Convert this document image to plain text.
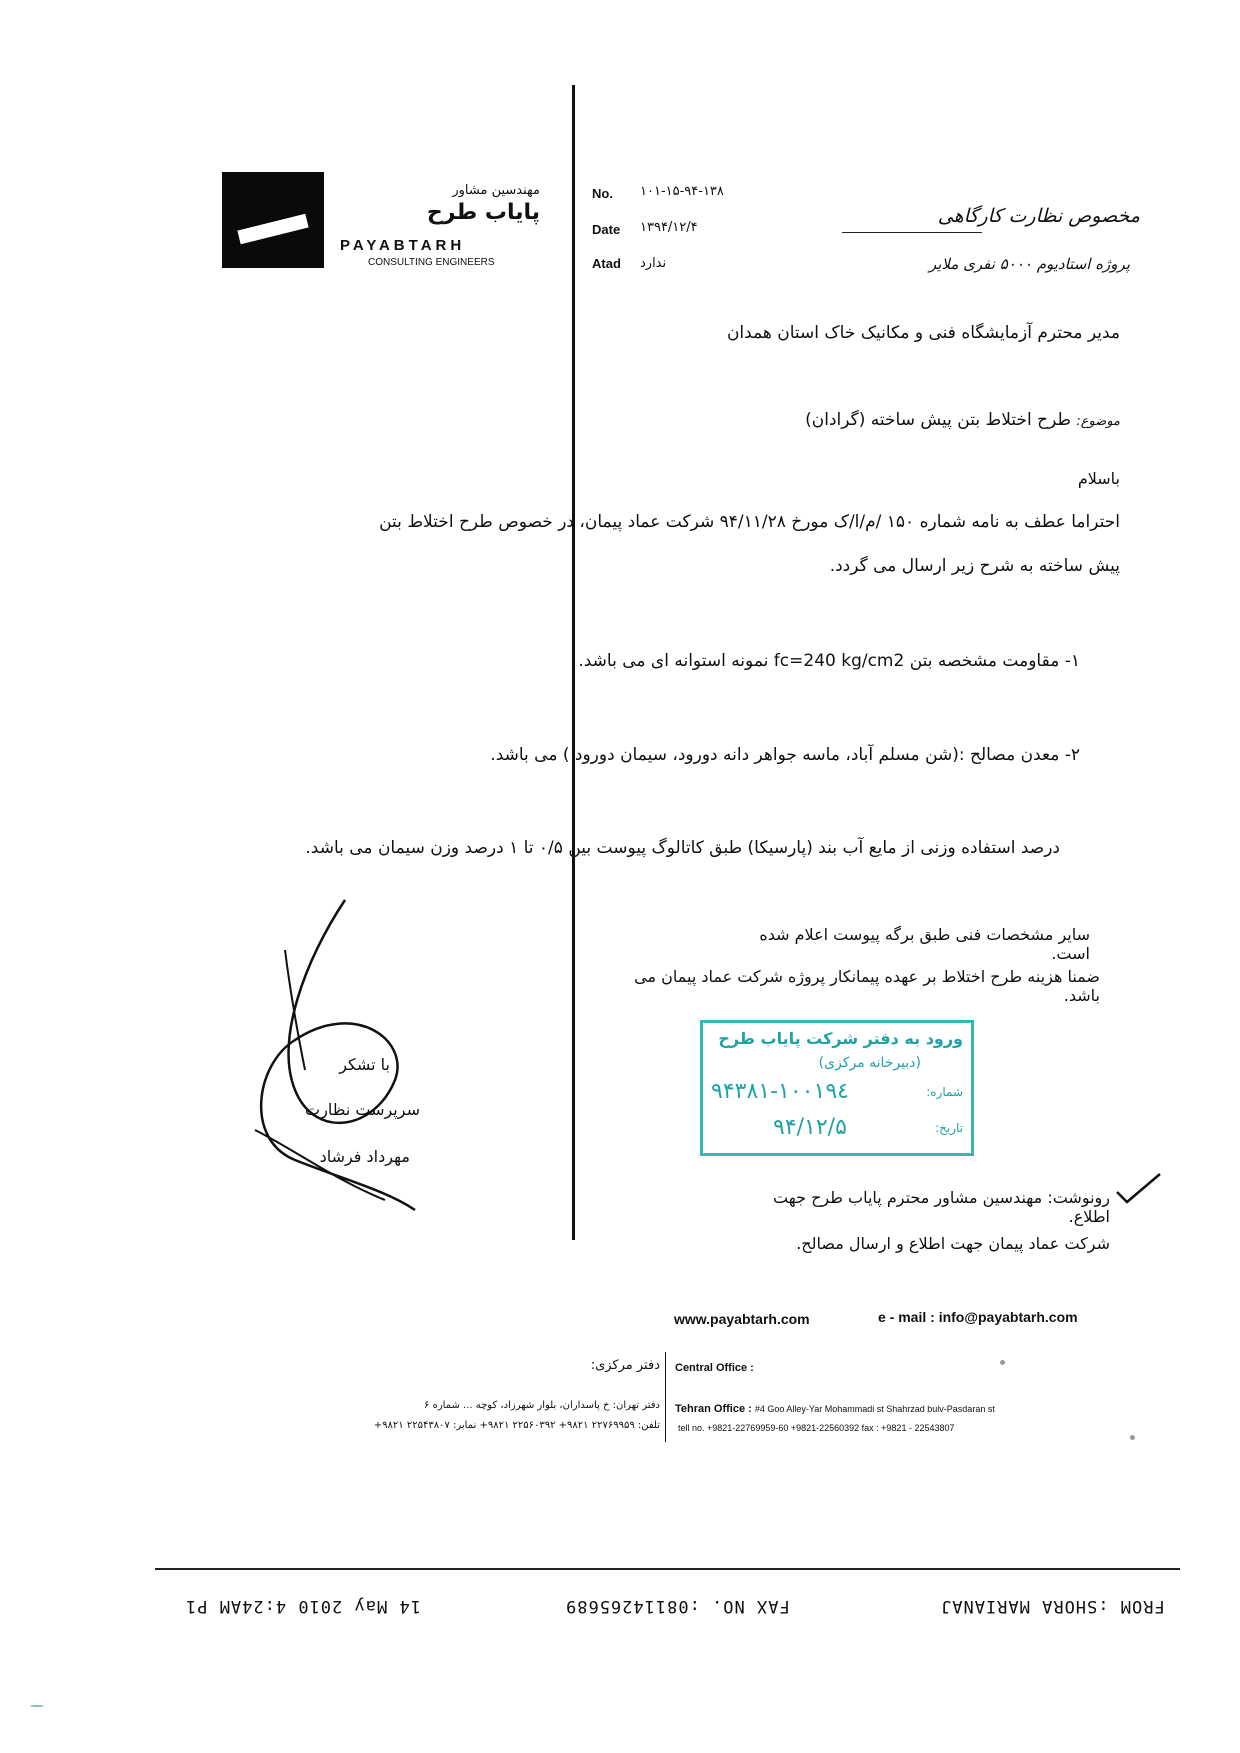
مهندسین مشاور
پایاب طرح
PAYABTARH
CONSULTING ENGINEERS
No. ۱۰۱-۱۵-۹۴-۱۳۸
Date ۱۳۹۴/۱۲/۴
Atad ندارد
مخصوص نظارت کارگاهی
پروژه استادیوم ۵۰۰۰ نفری ملایر
مدیر محترم آزمایشگاه فنی و مکانیک خاک استان همدان
موضوع: طرح اختلاط بتن پیش ساخته (گرادان)
باسلام
احتراما عطف به نامه شماره ۱۵۰ /م/ا/ک مورخ ۹۴/۱۱/۲۸ شرکت عماد پیمان، در خصوص طرح اختلاط بتن
پیش ساخته به شرح زیر ارسال می گردد.
۱- مقاومت مشخصه بتن fc=240 kg/cm2 نمونه استوانه ای می باشد.
۲- معدن مصالح :(شن مسلم آباد، ماسه جواهر دانه دورود، سیمان دورود ) می باشد.
درصد استفاده وزنی از مایع آب بند (پارسیکا) طبق کاتالوگ پیوست بین ۰/۵ تا ۱ درصد وزن سیمان می باشد.
سایر مشخصات فنی طبق برگه پیوست اعلام شده است.
ضمنا هزینه طرح اختلاط بر عهده پیمانکار پروژه شرکت عماد پیمان می باشد.
با تشکر
سرپرست نظارت
مهرداد فرشاد
ورود به دفتر شرکت پایاب طرح
(دبیرخانه مرکزی)
شماره:
۱۰۰۱۹٤-۹۴۳۸۱
تاریخ:
۹۴/۱۲/۵
رونوشت: مهندسین مشاور محترم پایاب طرح جهت اطلاع.
شرکت عماد پیمان جهت اطلاع و ارسال مصالح.
www.payabtarh.com	e - mail : info@payabtarh.com
دفتر مرکزی: Central Office :
دفتر تهران: خ پاسداران، بلوار شهرزاد، کوچه ... شماره ۶
تلفن: ۲۲۷۶۹۹۵۹ ۹۸۲۱+ ۲۲۵۶۰۳۹۲ ۹۸۲۱+ نمابر: ۲۲۵۴۳۸۰۷ ۹۸۲۱+
Tehran Office : #4 Goo Alley-Yar Mohammadi st Shahrzad bulv-Pasdaran st
tell no. +9821-22769959-60 +9821-22560392 fax : +9821 - 22543807
FROM :SHORA MARIANAJ
FAX NO. :08114265689
14 May 2010 4:24AM P1
